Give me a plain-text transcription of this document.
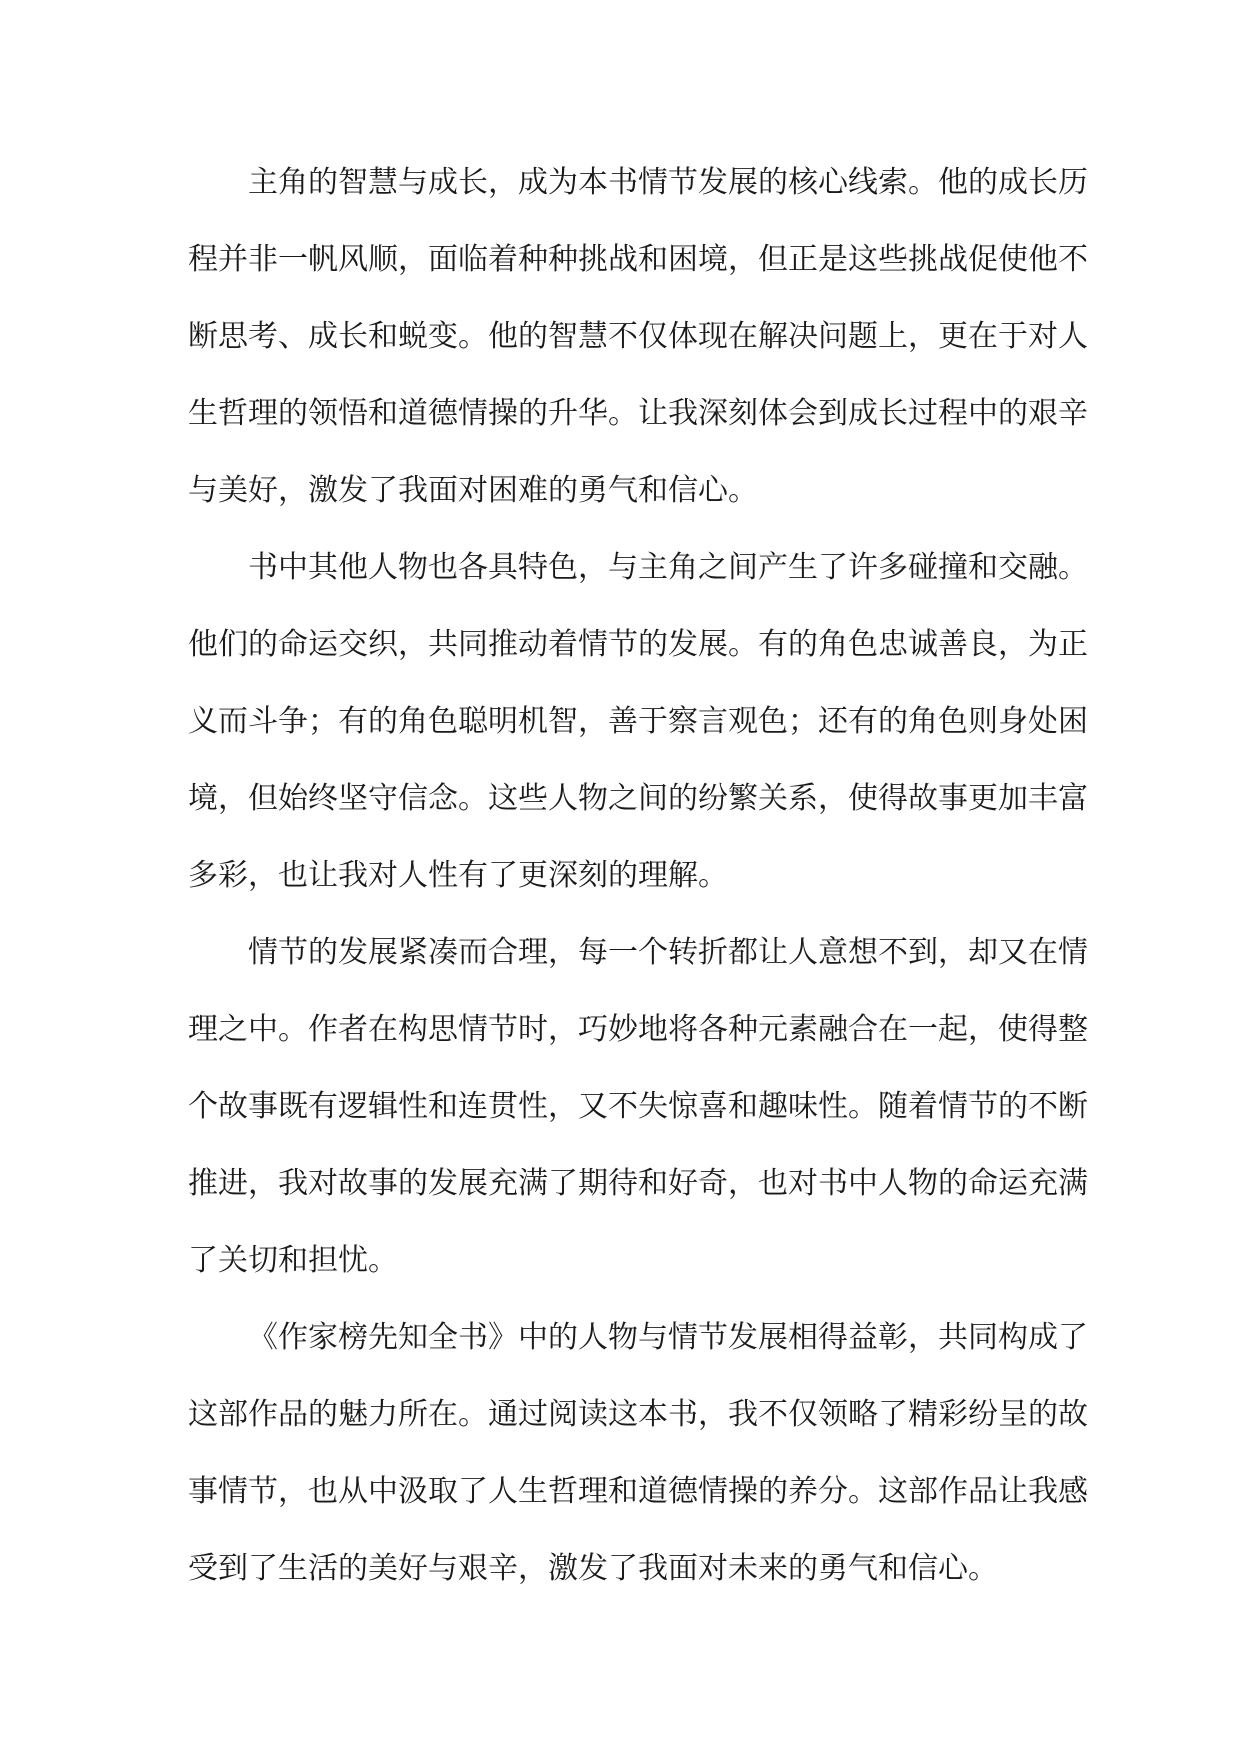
主角的智慧与成长，成为本书情节发展的核心线索。他的成长历
程并非一帆风顺，面临着种种挑战和困境，但正是这些挑战促使他不
断思考、成长和蜕变。他的智慧不仅体现在解决问题上，更在于对人
生哲理的领悟和道德情操的升华。让我深刻体会到成长过程中的艰辛
与美好，激发了我面对困难的勇气和信心。

书中其他人物也各具特色，与主角之间产生了许多碰撞和交融。
他们的命运交织，共同推动着情节的发展。有的角色忠诚善良，为正
义而斗争；有的角色聪明机智，善于察言观色；还有的角色则身处困
境，但始终坚守信念。这些人物之间的纷繁关系，使得故事更加丰富
多彩，也让我对人性有了更深刻的理解。

情节的发展紧凑而合理，每一个转折都让人意想不到，却又在情
理之中。作者在构思情节时，巧妙地将各种元素融合在一起，使得整
个故事既有逻辑性和连贯性，又不失惊喜和趣味性。随着情节的不断
推进，我对故事的发展充满了期待和好奇，也对书中人物的命运充满
了关切和担忧。

《作家榜先知全书》中的人物与情节发展相得益彰，共同构成了
这部作品的魅力所在。通过阅读这本书，我不仅领略了精彩纷呈的故
事情节，也从中汲取了人生哲理和道德情操的养分。这部作品让我感
受到了生活的美好与艰辛，激发了我面对未来的勇气和信心。
